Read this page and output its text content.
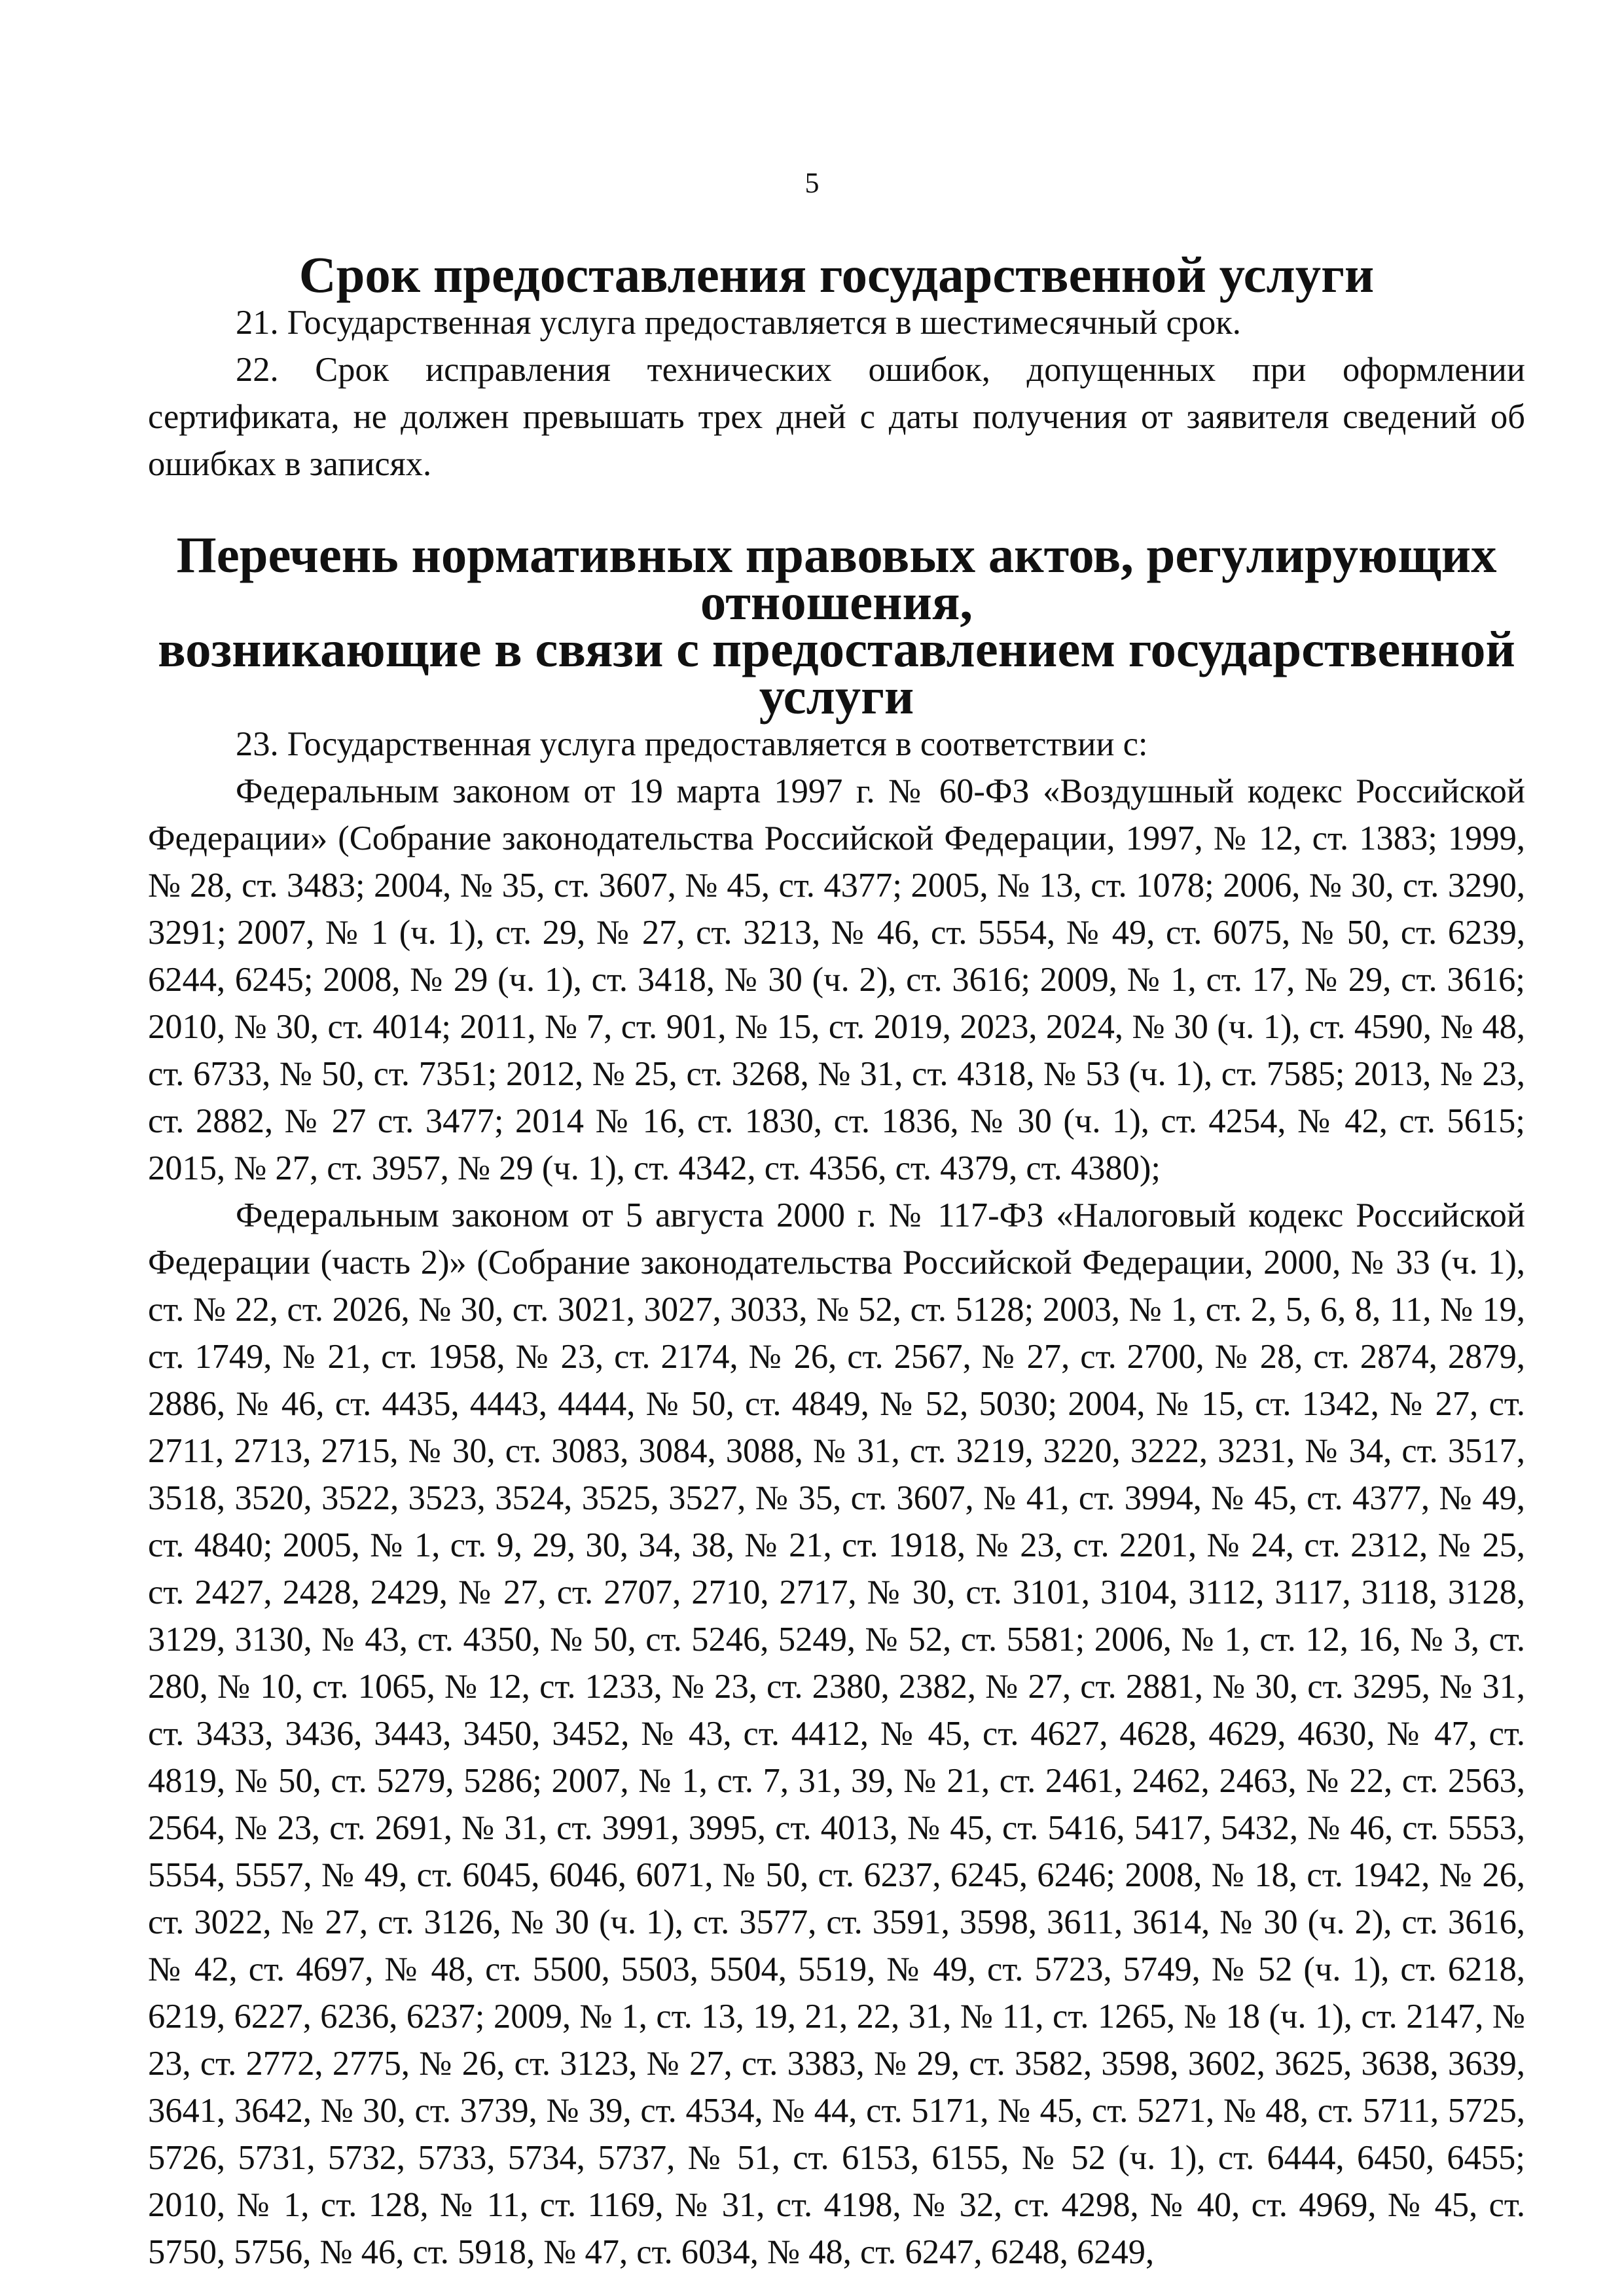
5
Срок предоставления государственной услуги

21. Государственная услуга предоставляется в шестимесячный срок.

22. Срок исправления технических ошибок, допущенных при оформлении сертификата, не должен превышать трех дней с даты получения от заявителя сведений об ошибках в записях.

Перечень нормативных правовых актов, регулирующих отношения,
возникающие в связи с предоставлением государственной услуги

23. Государственная услуга предоставляется в соответствии с:

Федеральным законом от 19 марта 1997 г. № 60-ФЗ «Воздушный кодекс Российской Федерации» (Собрание законодательства Российской Федерации, 1997, № 12, ст. 1383; 1999, № 28, ст. 3483; 2004, № 35, ст. 3607, № 45, ст. 4377; 2005, № 13, ст. 1078; 2006, № 30, ст. 3290, 3291; 2007, № 1 (ч. 1), ст. 29, № 27, ст. 3213, № 46, ст. 5554, № 49, ст. 6075, № 50, ст. 6239, 6244, 6245; 2008, № 29 (ч. 1), ст. 3418, № 30 (ч. 2), ст. 3616; 2009, № 1, ст. 17, № 29, ст. 3616; 2010, № 30, ст. 4014; 2011, № 7, ст. 901, № 15, ст. 2019, 2023, 2024, № 30 (ч. 1), ст. 4590, № 48, ст. 6733, № 50, ст. 7351; 2012, № 25, ст. 3268, № 31, ст. 4318, № 53 (ч. 1), ст. 7585; 2013, № 23, ст. 2882, № 27 ст. 3477; 2014 № 16, ст. 1830, ст. 1836, № 30 (ч. 1), ст. 4254, № 42, ст. 5615; 2015, № 27, ст. 3957, № 29 (ч. 1), ст. 4342, ст. 4356, ст. 4379, ст. 4380);

Федеральным законом от 5 августа 2000 г. № 117-ФЗ «Налоговый кодекс Российской Федерации (часть 2)» (Собрание законодательства Российской Федерации, 2000, № 33 (ч. 1), ст. № 22, ст. 2026, № 30, ст. 3021, 3027, 3033, № 52, ст. 5128; 2003, № 1, ст. 2, 5, 6, 8, 11, № 19, ст. 1749, № 21, ст. 1958, № 23, ст. 2174, № 26, ст. 2567, № 27, ст. 2700, № 28, ст. 2874, 2879, 2886, № 46, ст. 4435, 4443, 4444, № 50, ст. 4849, № 52, 5030; 2004, № 15, ст. 1342, № 27, ст. 2711, 2713, 2715, № 30, ст. 3083, 3084, 3088, № 31, ст. 3219, 3220, 3222, 3231, № 34, ст. 3517, 3518, 3520, 3522, 3523, 3524, 3525, 3527, № 35, ст. 3607, № 41, ст. 3994, № 45, ст. 4377, № 49, ст. 4840; 2005, № 1, ст. 9, 29, 30, 34, 38, № 21, ст. 1918, № 23, ст. 2201, № 24, ст. 2312, № 25, ст. 2427, 2428, 2429, № 27, ст. 2707, 2710, 2717, № 30, ст. 3101, 3104, 3112, 3117, 3118, 3128, 3129, 3130, № 43, ст. 4350, № 50, ст. 5246, 5249, № 52, ст. 5581; 2006, № 1, ст. 12, 16, № 3, ст. 280, № 10, ст. 1065, № 12, ст. 1233, № 23, ст. 2380, 2382, № 27, ст. 2881, № 30, ст. 3295, № 31, ст. 3433, 3436, 3443, 3450, 3452, № 43, ст. 4412, № 45, ст. 4627, 4628, 4629, 4630, № 47, ст. 4819, № 50, ст. 5279, 5286; 2007, № 1, ст. 7, 31, 39, № 21, ст. 2461, 2462, 2463, № 22, ст. 2563, 2564, № 23, ст. 2691, № 31, ст. 3991, 3995, ст. 4013, № 45, ст. 5416, 5417, 5432, № 46, ст. 5553, 5554, 5557, № 49, ст. 6045, 6046, 6071, № 50, ст. 6237, 6245, 6246; 2008, № 18, ст. 1942, № 26, ст. 3022, № 27, ст. 3126, № 30 (ч. 1), ст. 3577, ст. 3591, 3598, 3611, 3614, № 30 (ч. 2), ст. 3616, № 42, ст. 4697, № 48, ст. 5500, 5503, 5504, 5519, № 49, ст. 5723, 5749, № 52 (ч. 1), ст. 6218, 6219, 6227, 6236, 6237; 2009, № 1, ст. 13, 19, 21, 22, 31, № 11, ст. 1265, № 18 (ч. 1), ст. 2147, № 23, ст. 2772, 2775, № 26, ст. 3123, № 27, ст. 3383, № 29, ст. 3582, 3598, 3602, 3625, 3638, 3639, 3641, 3642, № 30, ст. 3739, № 39, ст. 4534, № 44, ст. 5171, № 45, ст. 5271, № 48, ст. 5711, 5725, 5726, 5731, 5732, 5733, 5734, 5737, № 51, ст. 6153, 6155, № 52 (ч. 1), ст. 6444, 6450, 6455; 2010, № 1, ст. 128, № 11, ст. 1169, № 31, ст. 4198, № 32, ст. 4298, № 40, ст. 4969, № 45, ст. 5750, 5756, № 46, ст. 5918, № 47, ст. 6034, № 48, ст. 6247, 6248, 6249,
